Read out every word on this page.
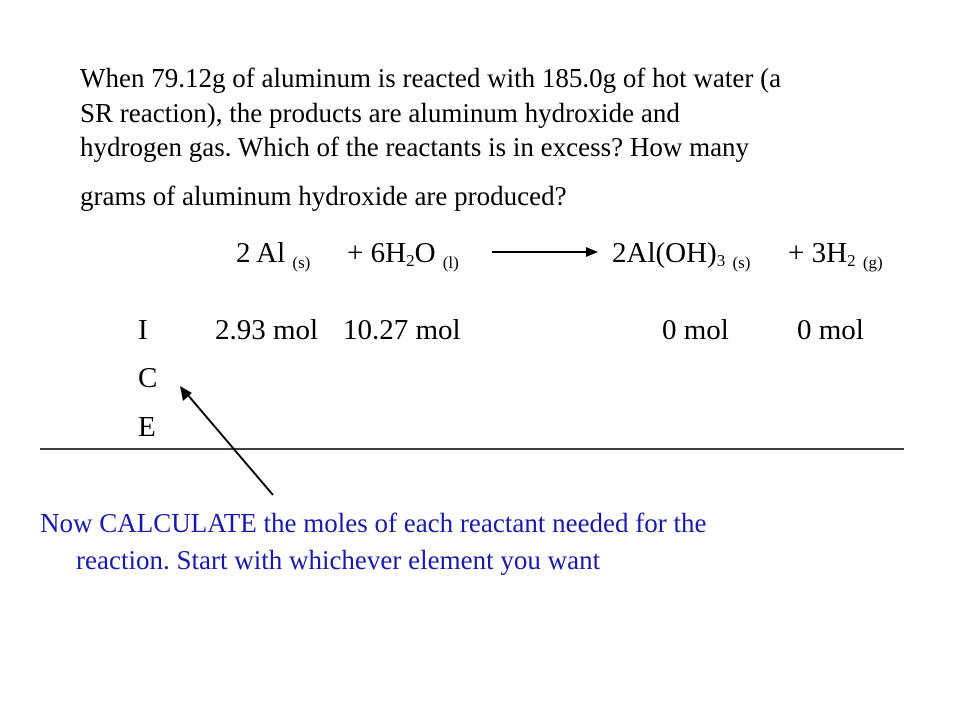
When 79.12g of aluminum is reacted with 185.0g of hot water (a
SR reaction), the products are aluminum hydroxide and
hydrogen gas. Which of the reactants is in excess? How many
grams of aluminum hydroxide are produced?
2 Al $_{(s)} + 6H_2O$ $_{(l)}$	$2Al(OH)_3$ $_{(s)} + 3H_2$ $_{(g)}$
I
C
E
2.93 mol 10.27 mol	0 mol 0 mol
Now CALCULATE the moles of each reactant needed for the
reaction. Start with whichever element you want
